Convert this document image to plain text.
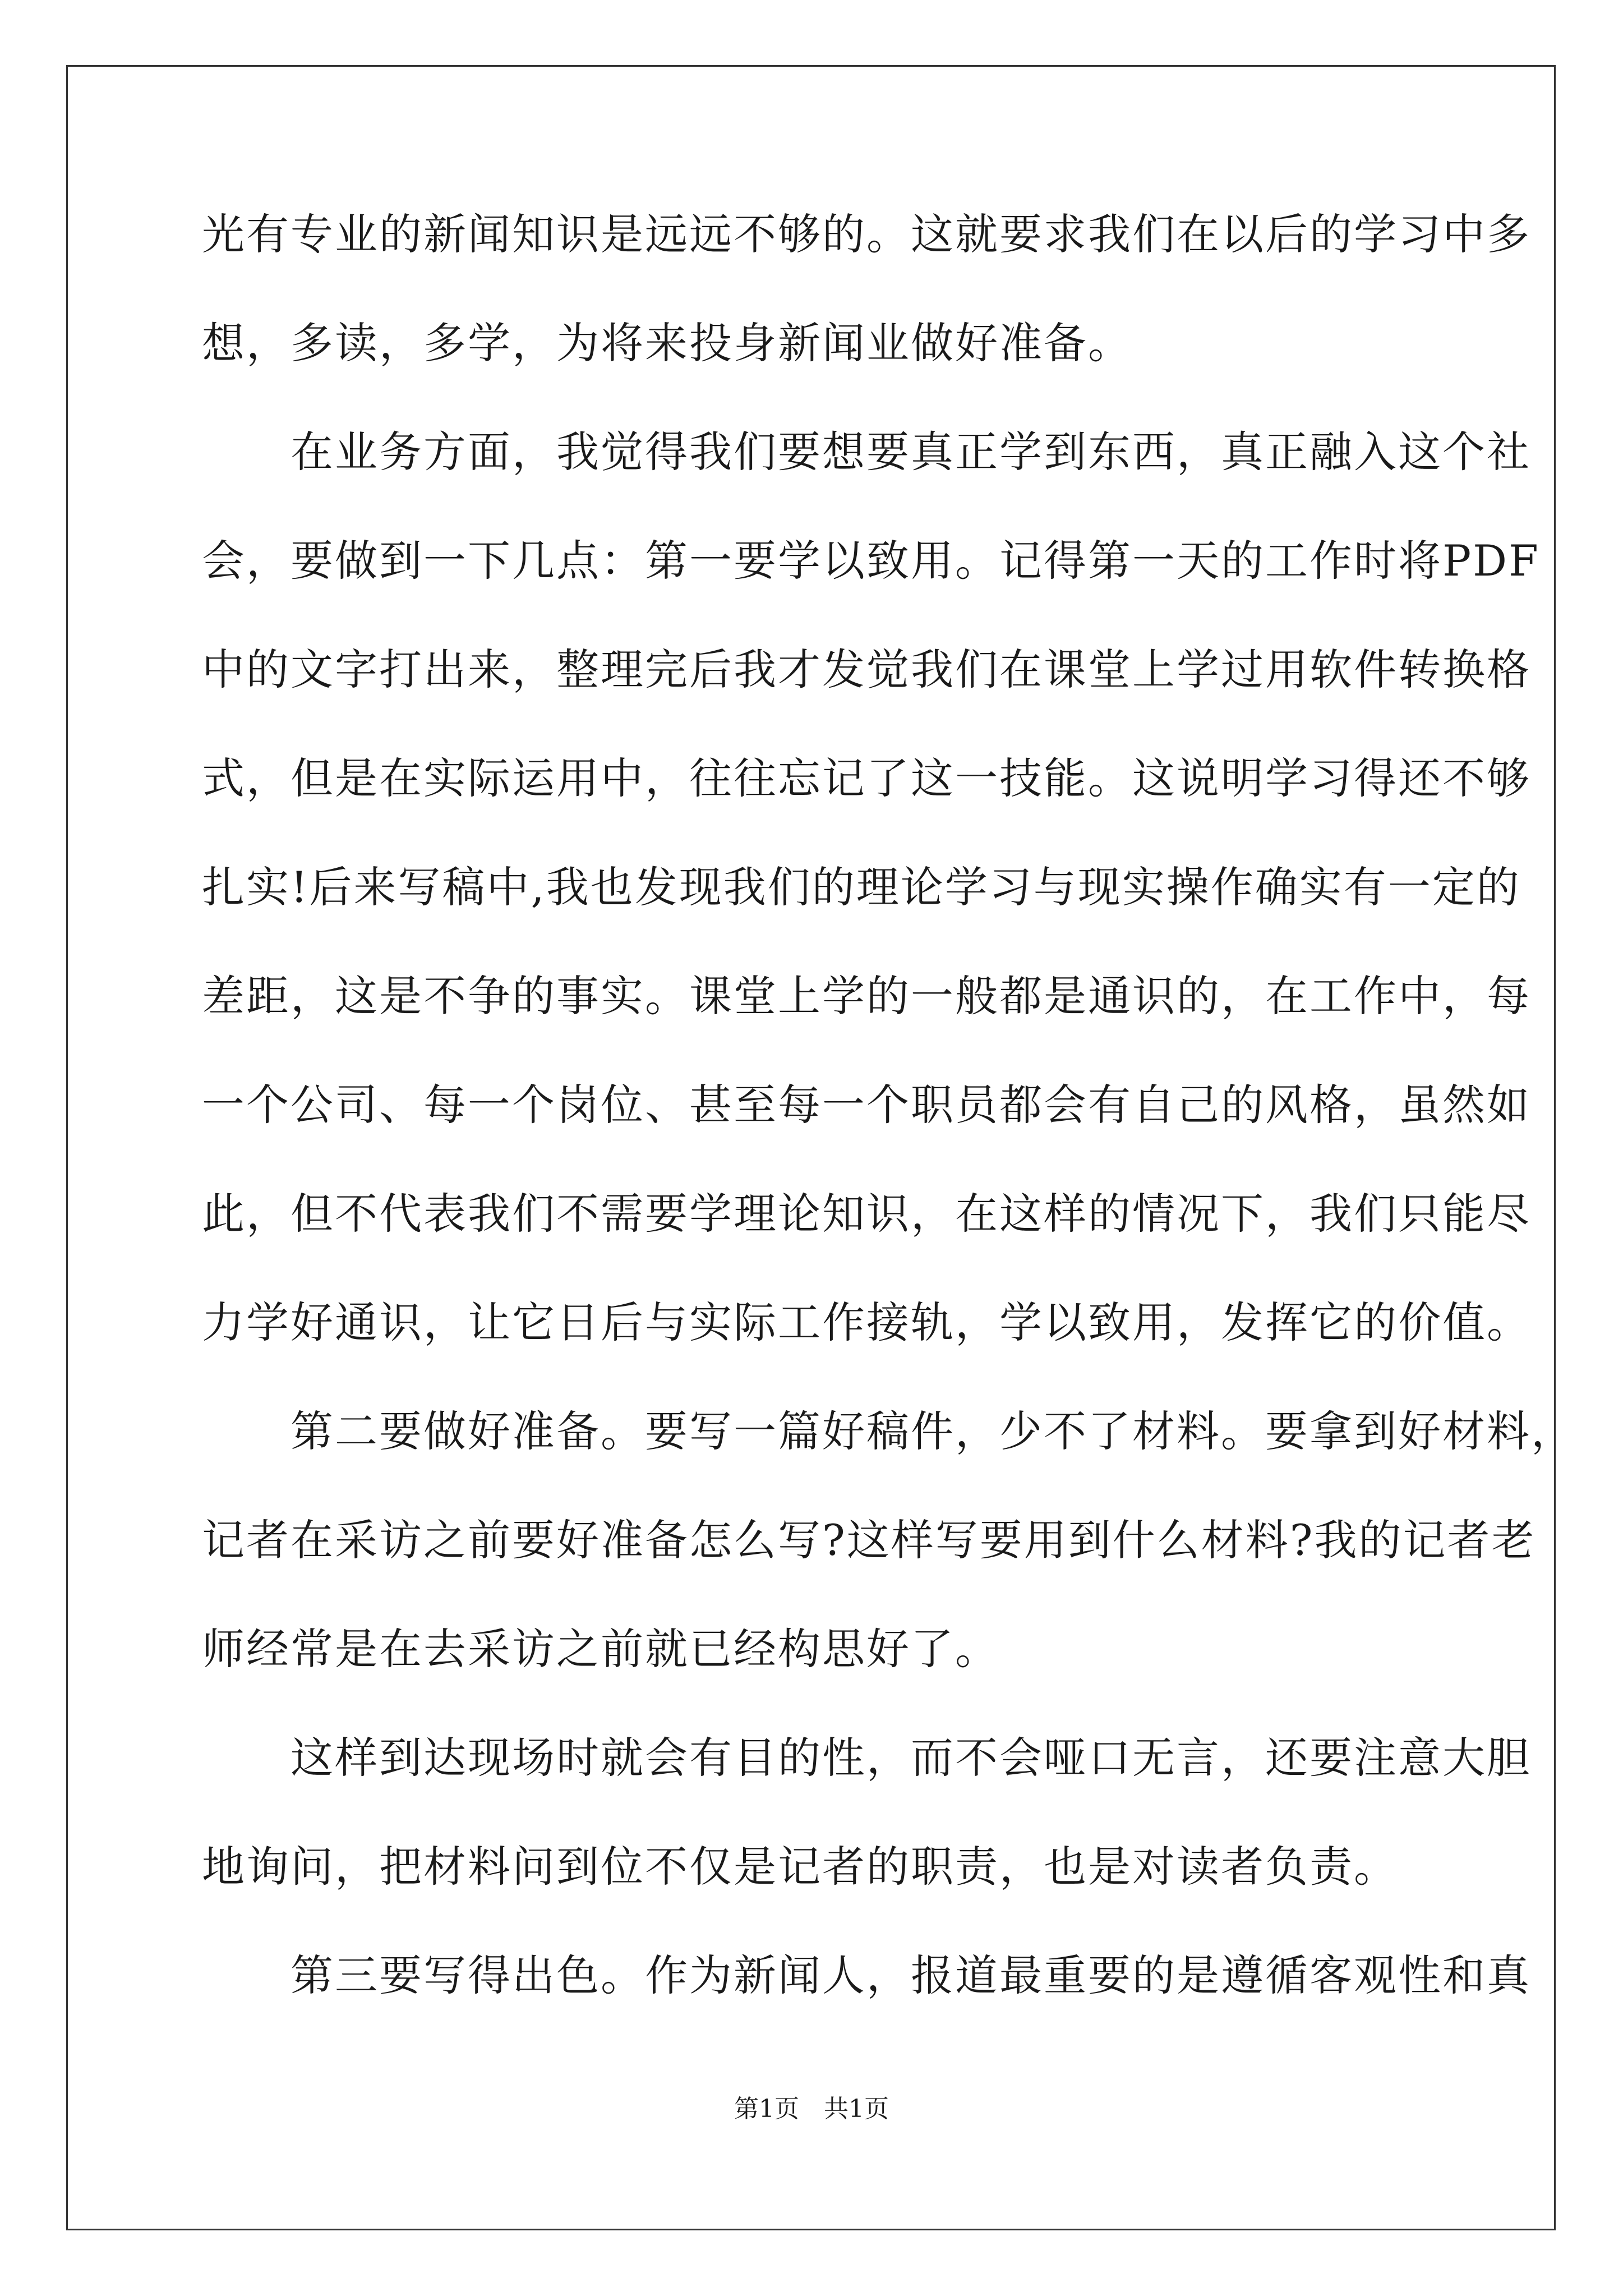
光有专业的新闻知识是远远不够的。这就要求我们在以后的学习中多
想，多读，多学，为将来投身新闻业做好准备。
　　在业务方面，我觉得我们要想要真正学到东西，真正融入这个社
会，要做到一下几点：第一要学以致用。记得第一天的工作时将PDF
中的文字打出来，整理完后我才发觉我们在课堂上学过用软件转换格
式，但是在实际运用中，往往忘记了这一技能。这说明学习得还不够
扎实!后来写稿中,我也发现我们的理论学习与现实操作确实有一定的
差距，这是不争的事实。课堂上学的一般都是通识的，在工作中，每
一个公司、每一个岗位、甚至每一个职员都会有自己的风格，虽然如
此，但不代表我们不需要学理论知识，在这样的情况下，我们只能尽
力学好通识，让它日后与实际工作接轨，学以致用，发挥它的价值。
　　第二要做好准备。要写一篇好稿件，少不了材料。要拿到好材料，
记者在采访之前要好准备怎么写?这样写要用到什么材料?我的记者老
师经常是在去采访之前就已经构思好了。
　　这样到达现场时就会有目的性，而不会哑口无言，还要注意大胆
地询问，把材料问到位不仅是记者的职责，也是对读者负责。
　　第三要写得出色。作为新闻人，报道最重要的是遵循客观性和真
第1页　共1页
